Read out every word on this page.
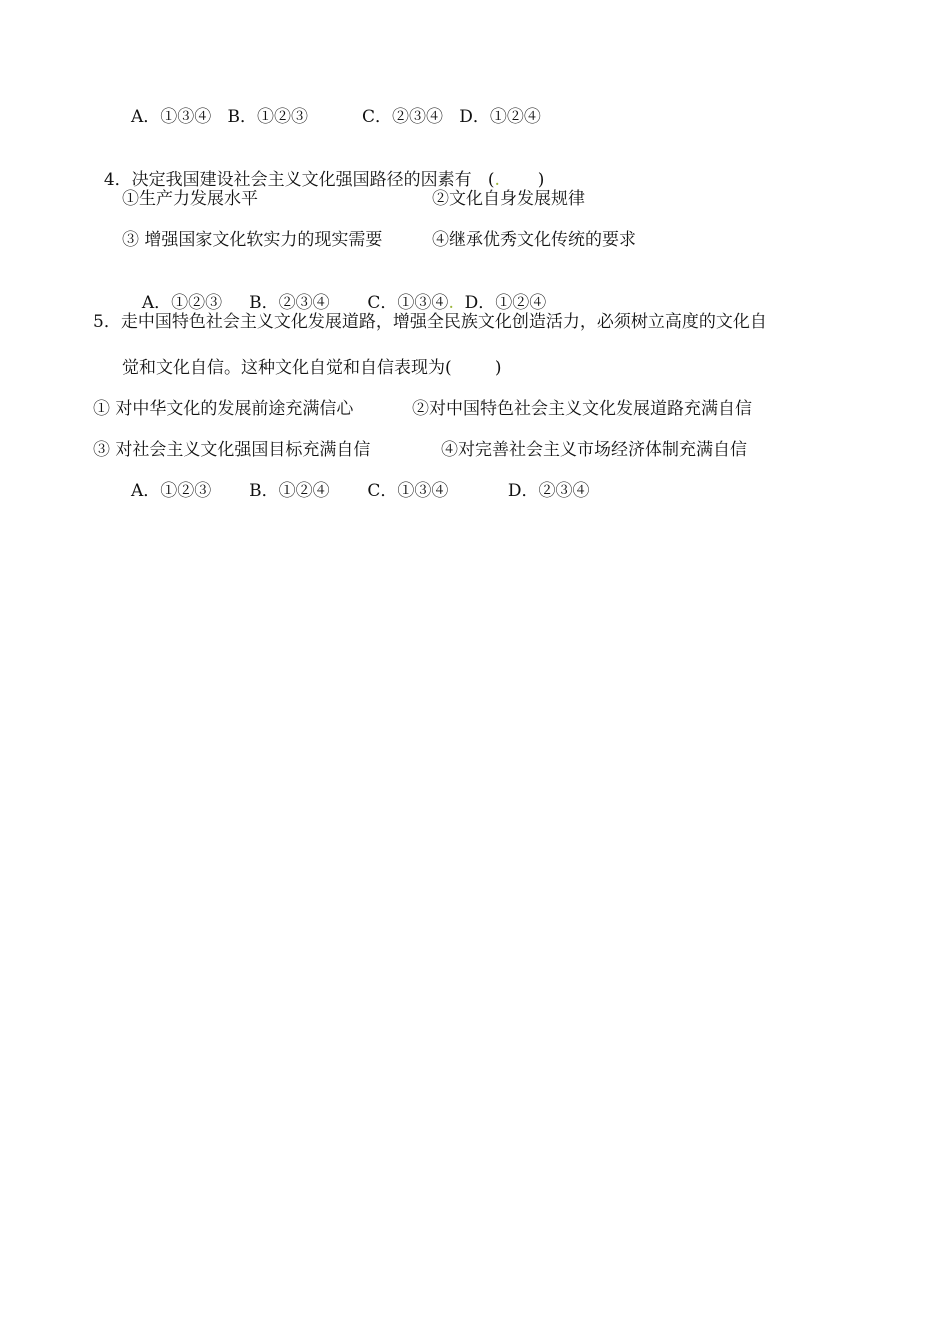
A．①③④   B．①②③          C．②③④   D．①②④

4．决定我国建设社会主义文化强国路径的因素有   (.       )

①生产力发展水平	②文化自身发展规律
③ 增强国家文化软实力的现实需要	④继承优秀文化传统的要求

A．①②③     B．②③④       C．①③④.  D．①②④

5．走中国特色社会主义文化发展道路，增强全民族文化创造活力，必须树立高度的文化自
觉和文化自信。这种文化自觉和自信表现为(        )
① 对中华文化的发展前途充满信心	②对中国特色社会主义文化发展道路充满自信
③ 对社会主义文化强国目标充满自信	④对完善社会主义市场经济体制充满自信
A．①②③       B．①②④       C．①③④           D．②③④
